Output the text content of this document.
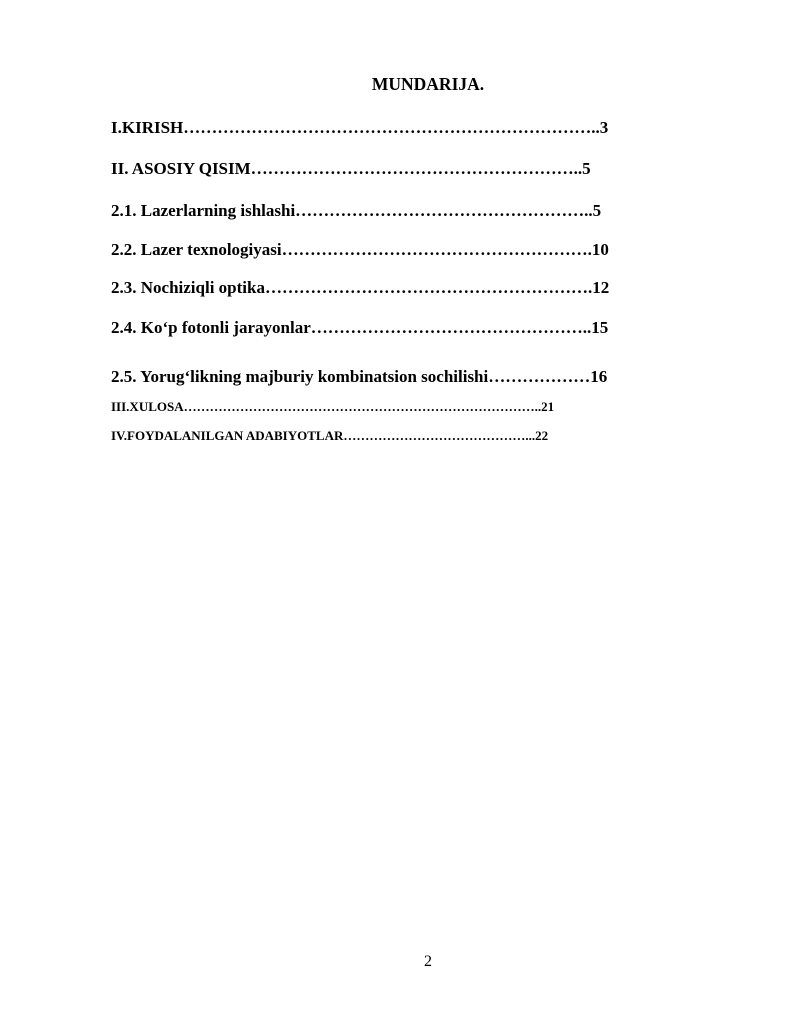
MUNDARIJA.
I.KIRISH………………………………………………………………..3
II. ASOSIY QISIM…………………………………………………..5
2.1. Lazerlarning ishlashi……………………………………………..5
2.2. Lazer texnologiyasi……………………………………………….10
2.3. Nochiziqli optika………………………………………………….12
2.4. Ko‘p fotonli jarayonlar…………………………………………..15
2.5. Yorug‘likning majburiy kombinatsion sochilishi………………16
III.XULOSA………………………………………………………………………..21
IV.FOYDALANILGAN ADABIYOTLAR……………………………………...22
2
